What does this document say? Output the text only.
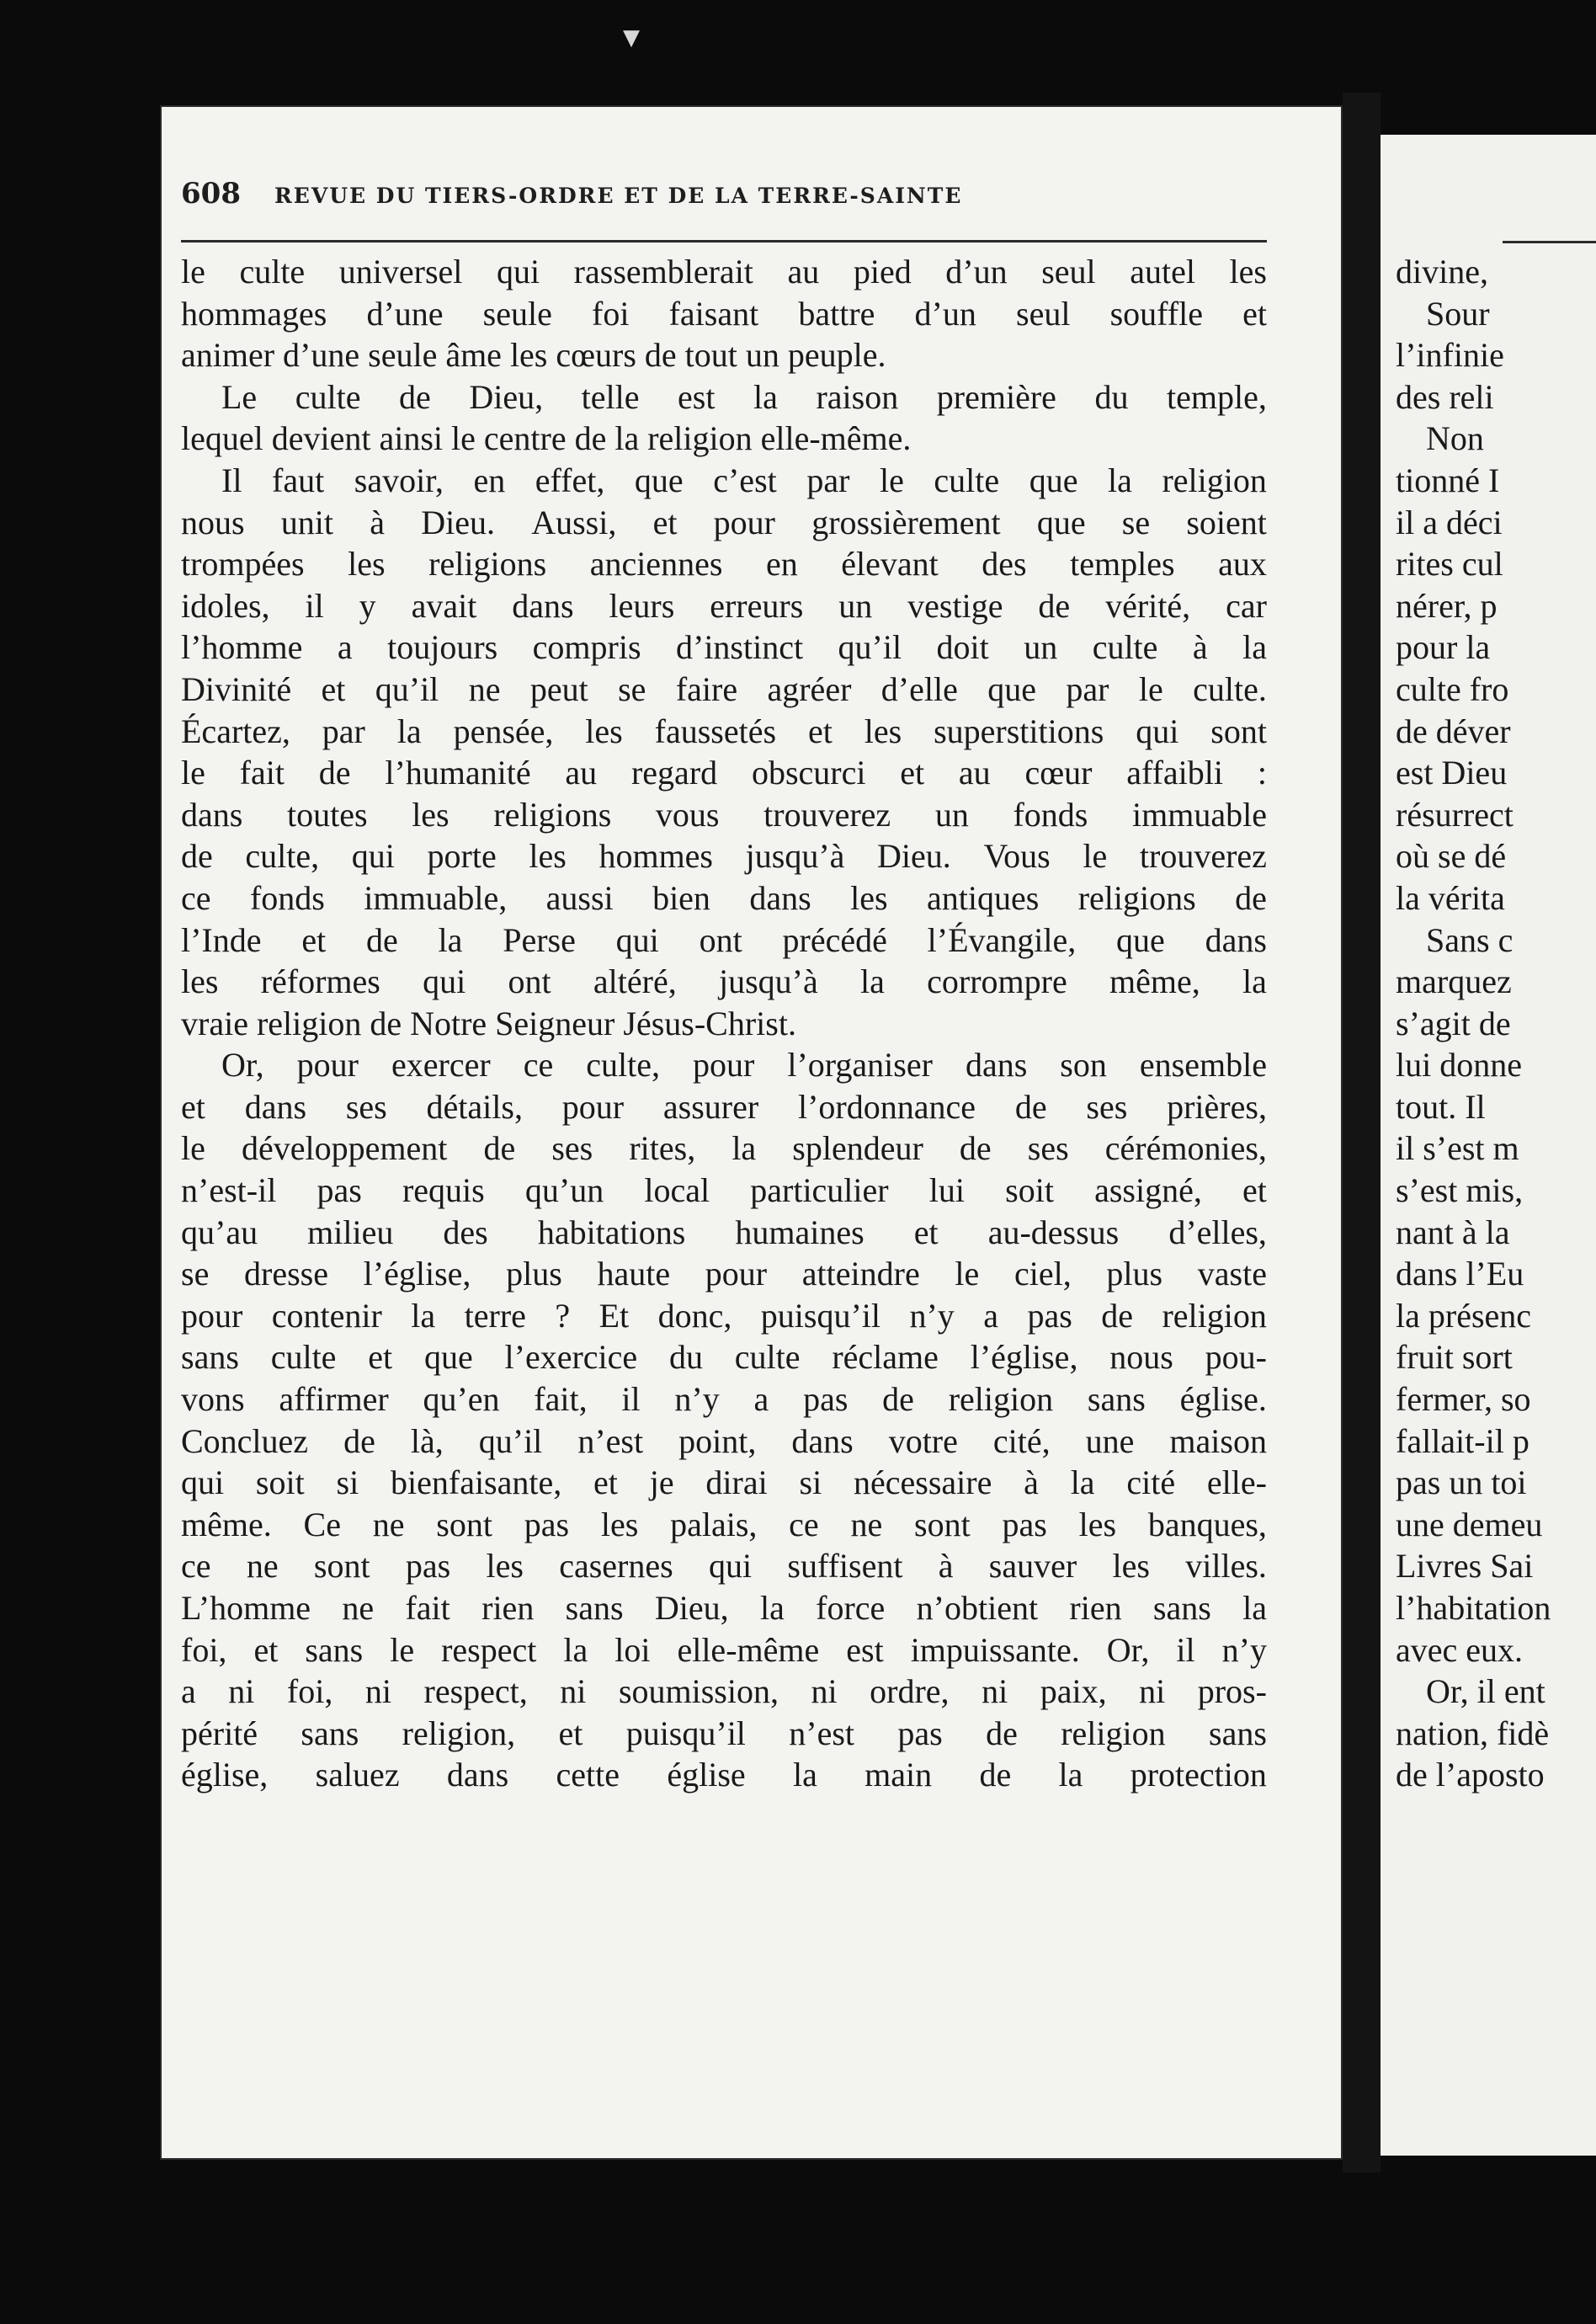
▼
608 REVUE DU TIERS-ORDRE ET DE LA TERRE-SAINTE
le culte universel qui rassemblerait au pied d’un seul autel les
hommages d’une seule foi faisant battre d’un seul souffle et
animer d’une seule âme les cœurs de tout un peuple.
Le culte de Dieu, telle est la raison première du temple,
lequel devient ainsi le centre de la religion elle-même.
Il faut savoir, en effet, que c’est par le culte que la religion
nous unit à Dieu. Aussi, et pour grossièrement que se soient
trompées les religions anciennes en élevant des temples aux
idoles, il y avait dans leurs erreurs un vestige de vérité, car
l’homme a toujours compris d’instinct qu’il doit un culte à la
Divinité et qu’il ne peut se faire agréer d’elle que par le culte.
Écartez, par la pensée, les faussetés et les superstitions qui sont
le fait de l’humanité au regard obscurci et au cœur affaibli :
dans toutes les religions vous trouverez un fonds immuable
de culte, qui porte les hommes jusqu’à Dieu. Vous le trouverez
ce fonds immuable, aussi bien dans les antiques religions de
l’Inde et de la Perse qui ont précédé l’Évangile, que dans
les réformes qui ont altéré, jusqu’à la corrompre même, la
vraie religion de Notre Seigneur Jésus-Christ.
Or, pour exercer ce culte, pour l’organiser dans son ensemble
et dans ses détails, pour assurer l’ordonnance de ses prières,
le développement de ses rites, la splendeur de ses cérémonies,
n’est-il pas requis qu’un local particulier lui soit assigné, et
qu’au milieu des habitations humaines et au-dessus d’elles,
se dresse l’église, plus haute pour atteindre le ciel, plus vaste
pour contenir la terre ? Et donc, puisqu’il n’y a pas de religion
sans culte et que l’exercice du culte réclame l’église, nous pou-
vons affirmer qu’en fait, il n’y a pas de religion sans église.
Concluez de là, qu’il n’est point, dans votre cité, une maison
qui soit si bienfaisante, et je dirai si nécessaire à la cité elle-
même. Ce ne sont pas les palais, ce ne sont pas les banques,
ce ne sont pas les casernes qui suffisent à sauver les villes.
L’homme ne fait rien sans Dieu, la force n’obtient rien sans la
foi, et sans le respect la loi elle-même est impuissante. Or, il n’y
a ni foi, ni respect, ni soumission, ni ordre, ni paix, ni pros-
périté sans religion, et puisqu’il n’est pas de religion sans
église, saluez dans cette église la main de la protection
divine,
Sour
l’infinie
des reli
Non
tionné I
il a déci
rites cul
nérer, p
pour la
culte fro
de déver
est Dieu
résurrect
où se dé
la vérita
Sans c
marquez
s’agit de
lui donne
tout. Il
il s’est m
s’est mis,
nant à la
dans l’Eu
la présenc
fruit sort
fermer, so
fallait-il p
pas un toi
une demeu
Livres Sai
l’habitation
avec eux.
Or, il ent
nation, fidè
de l’aposto
